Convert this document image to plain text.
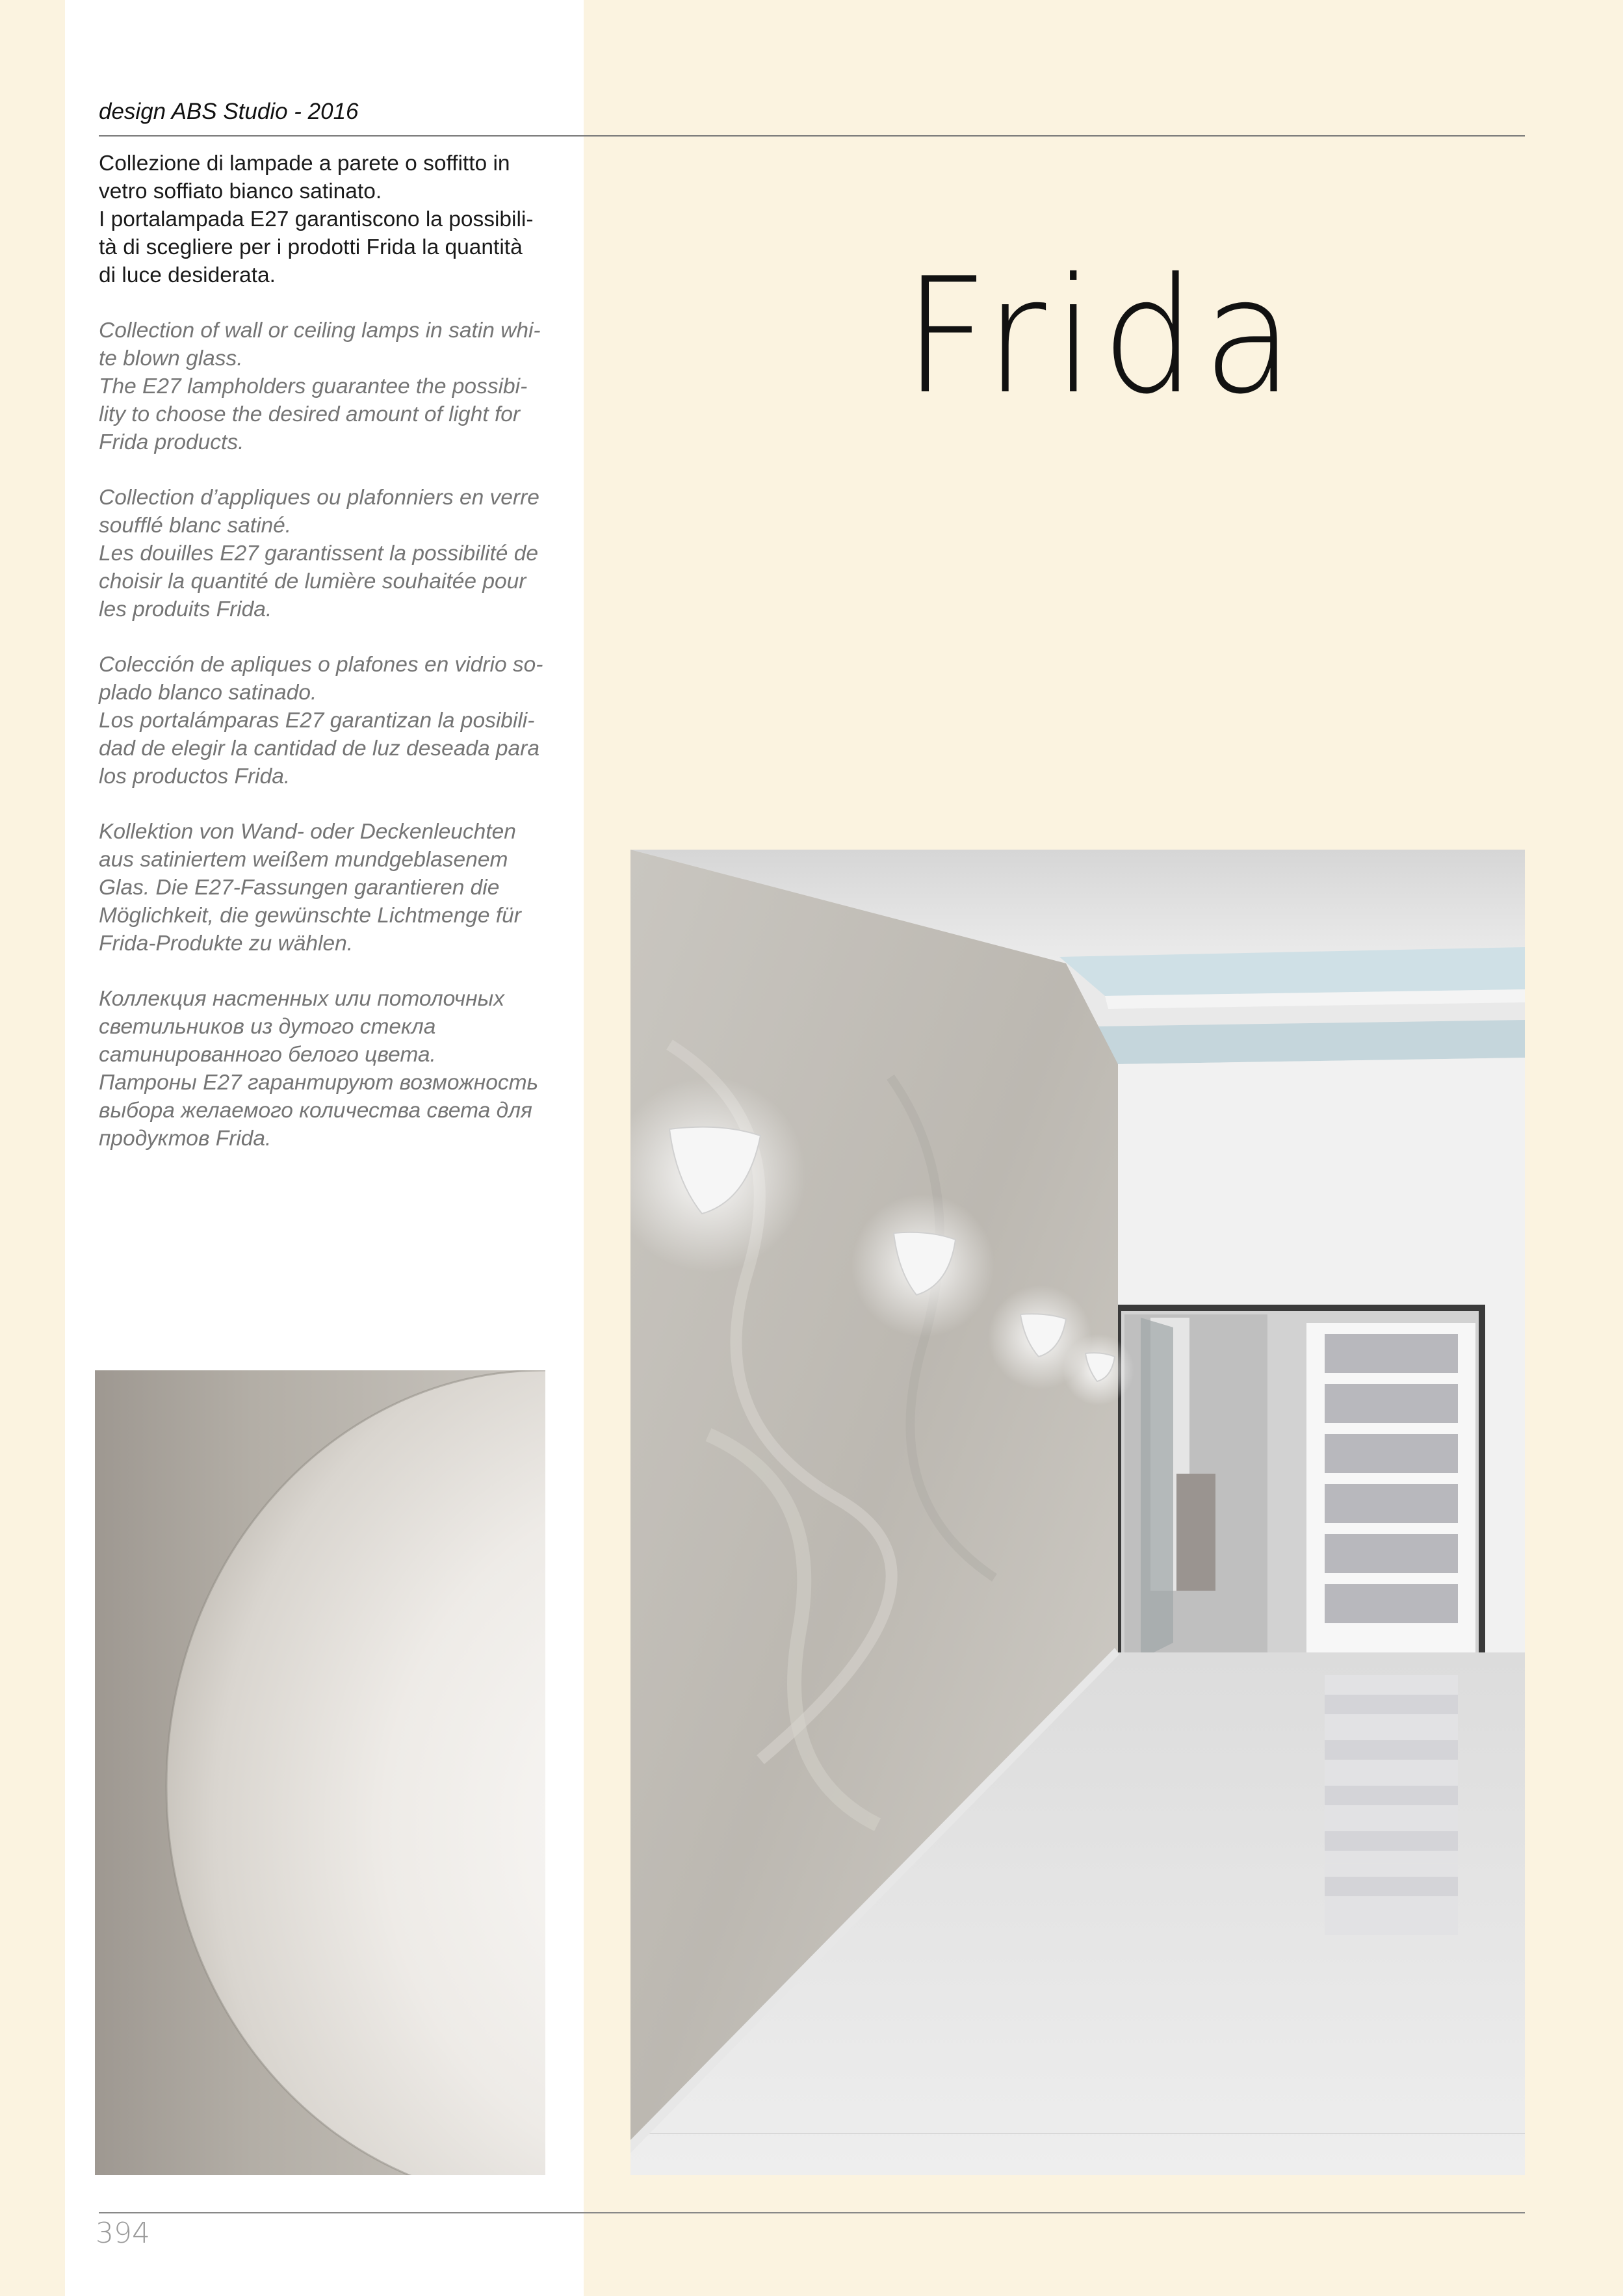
design ABS Studio - 2016

Collezione di lampade a parete o soffitto in
vetro soffiato bianco satinato.
I portalampada E27 garantiscono la possibili-
tà di scegliere per i prodotti Frida la quantità
di luce desiderata.

Collection of wall or ceiling lamps in satin whi-
te blown glass.
The E27 lampholders guarantee the possibi-
lity to choose the desired amount of light for
Frida products.

Collection d’appliques ou plafonniers en verre
soufflé blanc satiné.
Les douilles E27 garantissent la possibilité de
choisir la quantité de lumière souhaitée pour
les produits Frida.

Colección de apliques o plafones en vidrio so-
plado blanco satinado.
Los portalámparas E27 garantizan la posibili-
dad de elegir la cantidad de luz deseada para
los productos Frida.

Kollektion von Wand- oder Deckenleuchten
aus satiniertem weißem mundgeblasenem
Glas. Die E27-Fassungen garantieren die
Möglichkeit, die gewünschte Lichtmenge für
Frida-Produkte zu wählen.

Коллекция настенных или потолочных
светильников из дутого стекла
сатинированного белого цвета.
Патроны E27 гарантируют возможность
выбора желаемого количества света для
продуктов Frida.

Frida
394
